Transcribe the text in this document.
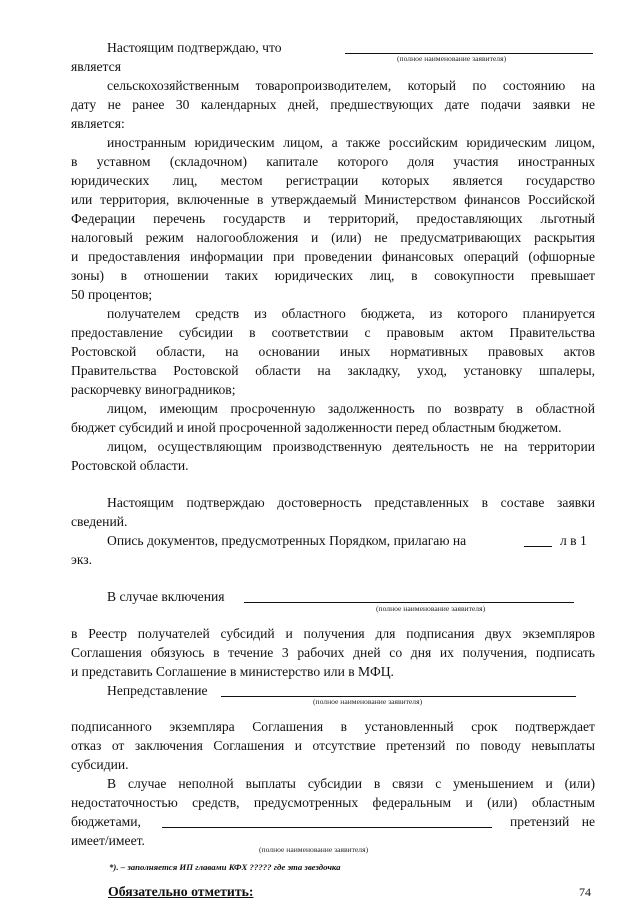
Настоящим подтверждаю, что
(полное наименование заявителя)
является
сельскохозяйственным товаропроизводителем, который по состоянию на
дату не ранее 30 календарных дней, предшествующих дате подачи заявки не
является:
иностранным юридическим лицом, а также российским юридическим лицом,
в уставном (складочном) капитале которого доля участия иностранных
юридических лиц, местом регистрации которых является государство
или территория, включенные в утверждаемый Министерством финансов Российской
Федерации перечень государств и территорий, предоставляющих льготный
налоговый режим налогообложения и (или) не предусматривающих раскрытия
и предоставления информации при проведении финансовых операций (офшорные
зоны) в отношении таких юридических лиц, в совокупности превышает
50 процентов;
получателем средств из областного бюджета, из которого планируется
предоставление субсидии в соответствии с правовым актом Правительства
Ростовской области, на основании иных нормативных правовых актов
Правительства Ростовской области на закладку, уход, установку шпалеры,
раскорчевку виноградников;
лицом, имеющим просроченную задолженность по возврату в областной
бюджет субсидий и иной просроченной задолженности перед областным бюджетом.
лицом, осуществляющим производственную деятельность не на территории
Ростовской области.
Настоящим подтверждаю достоверность представленных в составе заявки
сведений.
Опись документов, предусмотренных Порядком, прилагаю на	л в 1
экз.
В случае включения
(полное наименование заявителя)
в Реестр получателей субсидий и получения для подписания двух экземпляров
Соглашения обязуюсь в течение 3 рабочих дней со дня их получения, подписать
и представить Соглашение в министерство или в МФЦ.
Непредставление
(полное наименование заявителя)
подписанного экземпляра Соглашения в установленный срок подтверждает
отказ от заключения Соглашения и отсутствие претензий по поводу невыплаты
субсидии.
В случае неполной выплаты субсидии в связи с уменьшением и (или)
недостаточностью средств, предусмотренных федеральным и (или) областным
бюджетами,	претензий не
имеет/имеет.
(полное наименование заявителя)
*). – заполняется ИП главами КФХ ????? где эта звездочка
Обязательно отметить:	74
